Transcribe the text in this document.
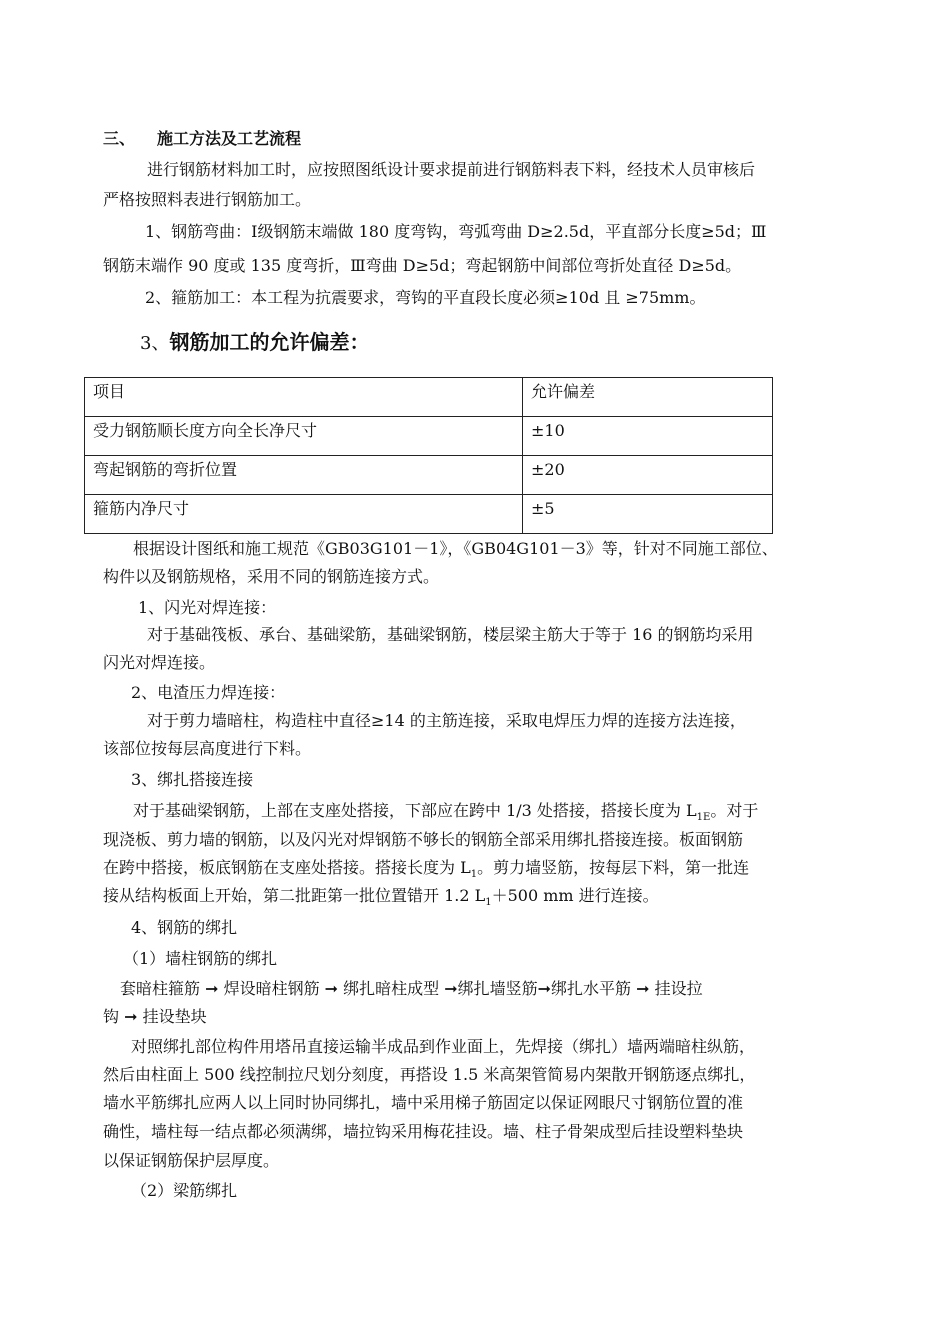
三、 施工方法及工艺流程
进行钢筋材料加工时，应按照图纸设计要求提前进行钢筋料表下料，经技术人员审核后
严格按照料表进行钢筋加工。
1、钢筋弯曲：Ⅰ级钢筋末端做 180 度弯钩，弯弧弯曲 D≥2.5d，平直部分长度≥5d；Ⅲ
钢筋末端作 90 度或 135 度弯折，Ⅲ弯曲 D≥5d；弯起钢筋中间部位弯折处直径 D≥5d。
2、箍筋加工：本工程为抗震要求，弯钩的平直段长度必须≥10d 且 ≥75mm。
3、钢筋加工的允许偏差：
项目	允许偏差
受力钢筋顺长度方向全长净尺寸	±10
弯起钢筋的弯折位置	±20
箍筋内净尺寸	±5
根据设计图纸和施工规范《GB03G101－1》，《GB04G101－3》等，针对不同施工部位、
构件以及钢筋规格，采用不同的钢筋连接方式。
1、闪光对焊连接：
对于基础筏板、承台、基础梁筋，基础梁钢筋，楼层梁主筋大于等于 16 的钢筋均采用
闪光对焊连接。
2、电渣压力焊连接：
对于剪力墙暗柱，构造柱中直径≥14 的主筋连接，采取电焊压力焊的连接方法连接，
该部位按每层高度进行下料。
3、绑扎搭接连接
对于基础梁钢筋，上部在支座处搭接，下部应在跨中 1/3 处搭接，搭接长度为 $L_{1E}$。对于
现浇板、剪力墙的钢筋，以及闪光对焊钢筋不够长的钢筋全部采用绑扎搭接连接。板面钢筋
在跨中搭接，板底钢筋在支座处搭接。搭接长度为 $L_1$。剪力墙竖筋，按每层下料，第一批连
接从结构板面上开始，第二批距第一批位置错开 1.2 $L_1+500$ mm 进行连接。
4、钢筋的绑扎
（1）墙柱钢筋的绑扎
套暗柱箍筋 ➞ 焊设暗柱钢筋 ➞ 绑扎暗柱成型 ➞绑扎墙竖筋➞绑扎水平筋 ➞ 挂设拉
钩 ➞ 挂设垫块
对照绑扎部位构件用塔吊直接运输半成品到作业面上，先焊接（绑扎）墙两端暗柱纵筋，
然后由柱面上 500 线控制拉尺划分刻度，再搭设 1.5 米高架管简易内架散开钢筋逐点绑扎，
墙水平筋绑扎应两人以上同时协同绑扎，墙中采用梯子筋固定以保证网眼尺寸钢筋位置的准
确性，墙柱每一结点都必须满绑，墙拉钩采用梅花挂设。墙、柱子骨架成型后挂设塑料垫块
以保证钢筋保护层厚度。
（2）梁筋绑扎
